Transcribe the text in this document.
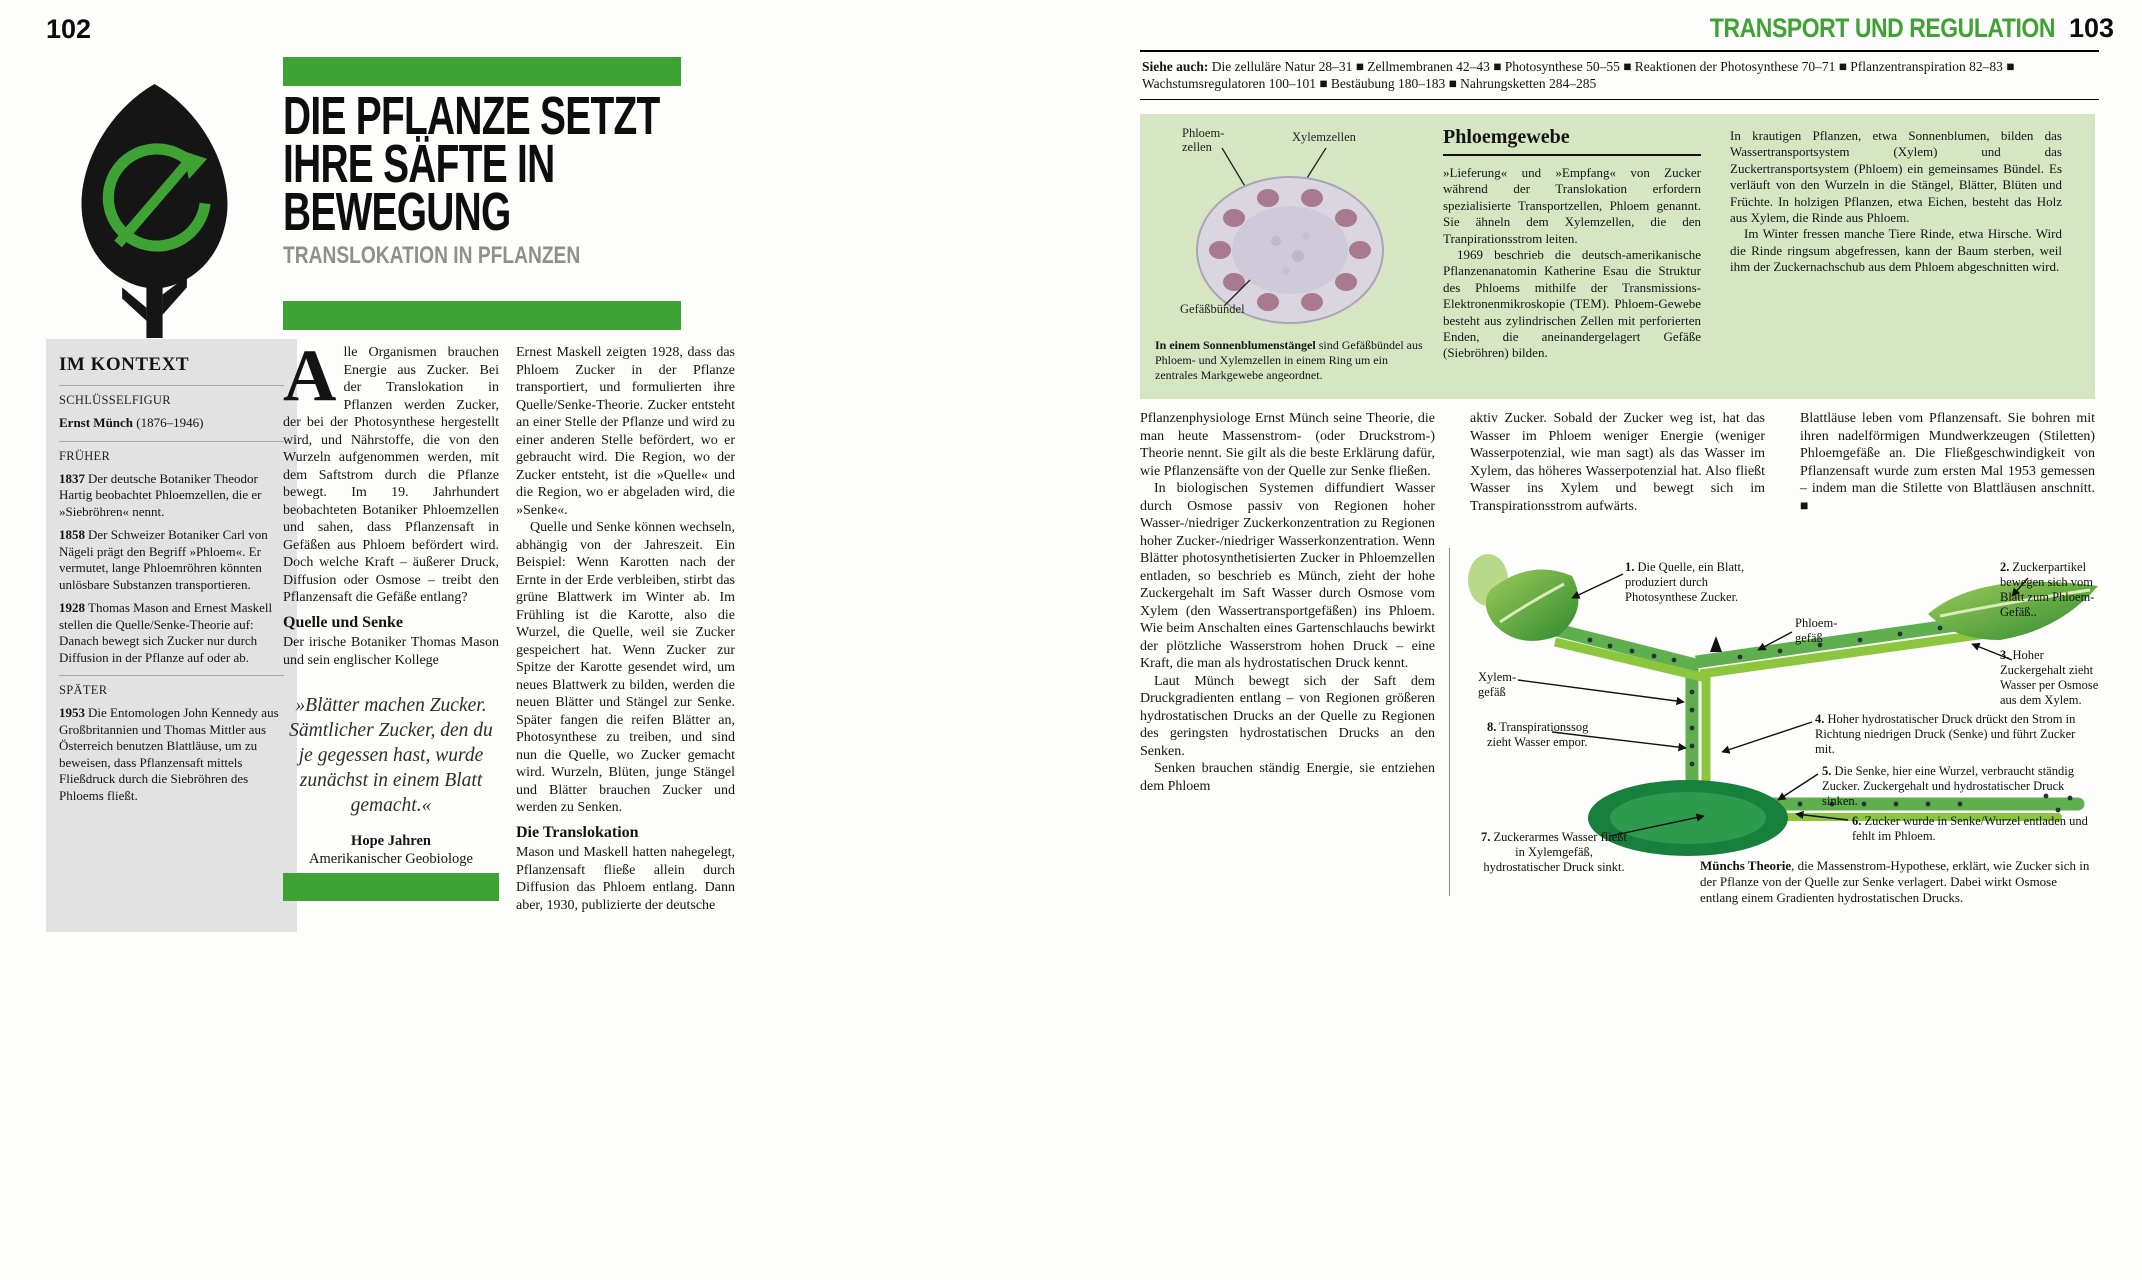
102
DIE PFLANZE SETZT
IHRE SÄFTE IN
BEWEGUNG
TRANSLOKATION IN PFLANZEN
IM KONTEXT
SCHLÜSSELFIGUR
Ernst Münch (1876–1946)
FRÜHER
1837 Der deutsche Botaniker Theodor Hartig beobachtet Phloemzellen, die er »Siebröhren« nennt.
1858 Der Schweizer Botaniker Carl von Nägeli prägt den Begriff »Phloem«. Er vermutet, lange Phloemröhren könnten unlösbare Substanzen transportieren.
1928 Thomas Mason and Ernest Maskell stellen die Quelle/Senke-Theorie auf: Danach bewegt sich Zucker nur durch Diffusion in der Pflanze auf oder ab.
SPÄTER
1953 Die Entomologen John Kennedy aus Großbritannien und Thomas Mittler aus Österreich benutzen Blattläuse, um zu beweisen, dass Pflanzensaft mittels Fließdruck durch die Siebröhren des Phloems fließt.

Alle Organismen brauchen Energie aus Zucker. Bei der Translokation in Pflanzen werden Zucker, der bei der Photosynthese hergestellt wird, und Nährstoffe, die von den Wurzeln aufgenommen werden, mit dem Saftstrom durch die Pflanze bewegt. Im 19. Jahrhundert beobachteten Botaniker Phloemzellen und sahen, dass Pflanzensaft in Gefäßen aus Phloem befördert wird. Doch welche Kraft – äußerer Druck, Diffusion oder Osmose – treibt den Pflanzensaft die Gefäße entlang?

Quelle und Senke

Der irische Botaniker Thomas Mason und sein englischer Kollege

»Blätter machen Zucker. Sämtlicher Zucker, den du je gegessen hast, wurde zunächst in einem Blatt gemacht.«
Hope Jahren
Amerikanischer Geobiologe

Ernest Maskell zeigten 1928, dass das Phloem Zucker in der Pflanze transportiert, und formulierten ihre Quelle/Senke-Theorie. Zucker entsteht an einer Stelle der Pflanze und wird zu einer anderen Stelle befördert, wo er gebraucht wird. Die Region, wo der Zucker entsteht, ist die »Quelle« und die Region, wo er abgeladen wird, die »Senke«.

Quelle und Senke können wechseln, abhängig von der Jahreszeit. Ein Beispiel: Wenn Karotten nach der Ernte in der Erde verbleiben, stirbt das grüne Blattwerk im Winter ab. Im Frühling ist die Karotte, also die Wurzel, die Quelle, weil sie Zucker gespeichert hat. Wenn Zucker zur Spitze der Karotte gesendet wird, um neues Blattwerk zu bilden, werden die neuen Blätter und Stängel zur Senke. Später fangen die reifen Blätter an, Photosynthese zu treiben, und sind nun die Quelle, wo Zucker gemacht wird. Wurzeln, Blüten, junge Stängel und Blätter brauchen Zucker und werden zu Senken.

Die Translokation

Mason und Maskell hatten nahegelegt, Pflanzensaft fließe allein durch Diffusion das Phloem entlang. Dann aber, 1930, publizierte der deutsche

TRANSPORT UND REGULATION 103
Siehe auch: Die zelluläre Natur 28–31 ■ Zellmembranen 42–43 ■ Photosynthese 50–55 ■ Reaktionen der Photosynthese 70–71 ■ Pflanzentranspiration 82–83 ■ Wachstumsregulatoren 100–101 ■ Bestäubung 180–183 ■ Nahrungsketten 284–285
Phloemzellen
Xylemzellen
Gefäßbündel
In einem Sonnenblumenstängel sind Gefäßbündel aus Phloem- und Xylemzellen in einem Ring um ein zentrales Markgewebe angeordnet.
Phloemgewebe

»Lieferung« und »Empfang« von Zucker während der Translokation erfordern spezialisierte Transportzellen, Phloem genannt. Sie ähneln dem Xylemzellen, die den Tranpirationsstrom leiten.

1969 beschrieb die deutsch-amerikanische Pflanzenanatomin Katherine Esau die Struktur des Phloems mithilfe der Transmissions-Elektronenmikroskopie (TEM). Phloem-Gewebe besteht aus zylindrischen Zellen mit perforierten Enden, die aneinandergelagert Gefäße (Siebröhren) bilden.

In krautigen Pflanzen, etwa Sonnenblumen, bilden das Wassertransportsystem (Xylem) und das Zuckertransportsystem (Phloem) ein gemeinsames Bündel. Es verläuft von den Wurzeln in die Stängel, Blätter, Blüten und Früchte. In holzigen Pflanzen, etwa Eichen, besteht das Holz aus Xylem, die Rinde aus Phloem.

Im Winter fressen manche Tiere Rinde, etwa Hirsche. Wird die Rinde ringsum abgefressen, kann der Baum sterben, weil ihm der Zuckernachschub aus dem Phloem abgeschnitten wird.

Pflanzenphysiologe Ernst Münch seine Theorie, die man heute Massenstrom- (oder Druckstrom-) Theorie nennt. Sie gilt als die beste Erklärung dafür, wie Pflanzensäfte von der Quelle zur Senke fließen.

In biologischen Systemen diffundiert Wasser durch Osmose passiv von Regionen hoher Wasser-/niedriger Zuckerkonzentration zu Regionen hoher Zucker-/niedriger Wasserkonzentration. Wenn Blätter photosynthetisierten Zucker in Phloemzellen entladen, so beschrieb es Münch, zieht der hohe Zuckergehalt im Saft Wasser durch Osmose vom Xylem (den Wassertransportgefäßen) ins Phloem. Wie beim Anschalten eines Gartenschlauchs bewirkt der plötzliche Wasserstrom hohen Druck – eine Kraft, die man als hydrostatischen Druck kennt.

Laut Münch bewegt sich der Saft dem Druckgradienten entlang – von Regionen größeren hydrostatischen Drucks an der Quelle zu Regionen des geringsten hydrostatischen Drucks an den Senken.

Senken brauchen ständig Energie, sie entziehen dem Phloem

aktiv Zucker. Sobald der Zucker weg ist, hat das Wasser im Phloem weniger Energie (weniger Wasserpotenzial, wie man sagt) als das Wasser im Xylem, das höheres Wasserpotenzial hat. Also fließt Wasser ins Xylem und bewegt sich im Transpirationsstrom aufwärts.

Blattläuse leben vom Pflanzensaft. Sie bohren mit ihren nadelförmigen Mundwerkzeugen (Stiletten) Phloemgefäße an. Die Fließgeschwindigkeit von Pflanzensaft wurde zum ersten Mal 1953 gemessen – indem man die Stilette von Blattläusen anschnitt. ■

1. Die Quelle, ein Blatt, produziert durch Photosynthese Zucker.
2. Zuckerpartikel bewegen sich vom Blatt zum Phloem-Gefäß..
Phloemgefäß
3. Hoher Zuckergehalt zieht Wasser per Osmose aus dem Xylem.
Xylemgefäß
4. Hoher hydrostatischer Druck drückt den Strom in Richtung niedrigen Druck (Senke) und führt Zucker mit.
8. Transpirationssog zieht Wasser empor.
5. Die Senke, hier eine Wurzel, verbraucht ständig Zucker. Zuckergehalt und hydrostatischer Druck sinken.
6. Zucker wurde in Senke/Wurzel entladen und fehlt im Phloem.
7. Zuckerarmes Wasser fließt in Xylemgefäß, hydrostatischer Druck sinkt.	Münchs Theorie, die Massenstrom-Hypothese, erklärt, wie Zucker sich in der Pflanze von der Quelle zur Senke verlagert. Dabei wirkt Osmose entlang einem Gradienten hydrostatischen Drucks.
